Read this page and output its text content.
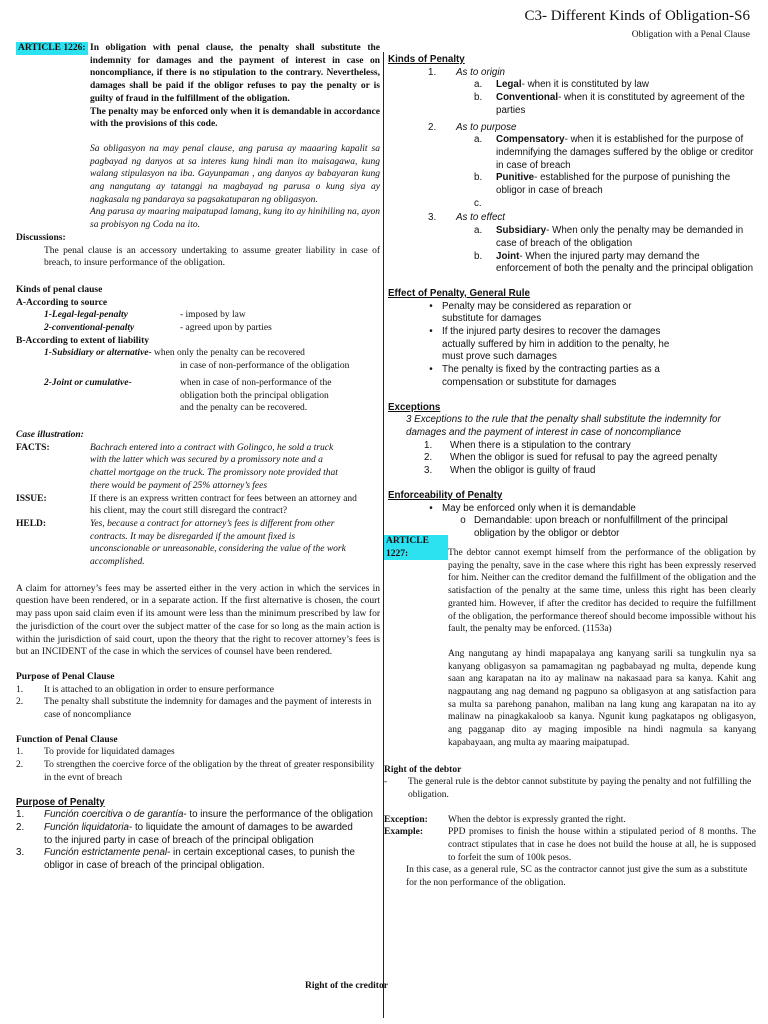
C3- Different Kinds of Obligation-S6
Obligation with a Penal Clause
ARTICLE 1226: In obligation with penal clause, the penalty shall substitute the indemnity for damages and the payment of interest in case on noncompliance, if there is no stipulation to the contrary. Nevertheless, damages shall be paid if the obligor refuses to pay the penalty or is guilty of fraud in the fulfillment of the obligation.

The penalty may be enforced only when it is demandable in accordance with the provisions of this code.

Sa obligasyon na may penal clause, ang parusa ay maaaring kapalit sa pagbayad ng danyos at sa interes kung hindi man ito maisagawa, kung walang stipulasyon na iba. Gayunpaman , ang danyos ay babayaran kung ang nangutang ay tatanggi na magbayad ng parusa o kung siya ay nagkasala ng pandaraya sa pagsakatuparan ng obligasyon.

Ang parusa ay maaring maipatupad lamang, kung ito ay hinihiling na, ayon sa probisyon ng Coda na ito.

Discussions:

The penal clause is an accessory undertaking to assume greater liability in case of breach, to insure performance of the obligation.

Kinds of penal clause

A-According to source

1-Legal-legal-penalty	- imposed by law
2-conventional-penalty	- agreed upon by parties

B-According to extent of liability

1-Subsidiary or alternative- when only the penalty can be recovered
in case of non-performance of the obligation
2-Joint or cumulative-	when in case of non-performance of the
obligation both the principal obligation
and the penalty can be recovered.

Case illustration:

FACTS:	Bachrach entered into a contract with Golingco, he sold a truck with the latter which was secured by a promissory note and a chattel mortgage on the truck. The promissory note provided that there would be payment of 25% attorney’s fees
ISSUE:	If there is an express written contract for fees between an attorney and his client, may the court still disregard the contract?
HELD:	Yes, because a contract for attorney’s fees is different from other contracts. It may be disregarded if the amount fixed is unconscionable or unreasonable, considering the value of the work accomplished.

A claim for attorney’s fees may be asserted either in the very action in which the services in question have been rendered, or in a separate action. If the first alternative is chosen, the court may pass upon said claim even if its amount were less than the minimum prescribed by law for the jurisdiction of the court over the subject matter of the case for so long as the main action is within the jurisdiction of said court, upon the theory that the right to recover attorney’s fees is but an INCIDENT of the case in which the services of counsel have been rendered.

Purpose of Penal Clause

1.	It is attached to an obligation in order to ensure performance
2.	The penalty shall substitute the indemnity for damages and the payment of interests in case of noncompliance

Function of Penal Clause

1.	To provide for liquidated damages
2.	To strengthen the coercive force of the obligation by the threat of greater responsibility in the evnt of breach

Purpose of Penalty

1.	Función coercitiva o de garantía- to insure the performance of the obligation
2.	Función liquidatoria- to liquidate the amount of damages to be awarded to the injured party in case of breach of the principal obligation
3.	Función estrictamente penal- in certain exceptional cases, to punish the obligor in case of breach of the principal obligation.
Right of the creditor

Kinds of Penalty

1.	As to origin
a.	Legal- when it is constituted by law
b.	Conventional- when it is constituted by agreement of the parties
2.	As to purpose
a.	Compensatory- when it is established for the purpose of indemnifying the damages suffered by the oblige or creditor in case of breach
b.	Punitive- established for the purpose of punishing the obligor in case of breach
c.
3.	As to effect
a.	Subsidiary- When only the penalty may be demanded in case of breach of the obligation
b.	Joint- When the injured party may demand the enforcement of both the penalty and the principal obligation

Effect of Penalty, General Rule

• Penalty may be considered as reparation or substitute for damages
• If the injured party desires to recover the damages actually suffered by him in addition to the penalty, he must prove such damages
• The penalty is fixed by the contracting parties as a compensation or substitute for damages

Exceptions

3 Exceptions to the rule that the penalty shall substitute the indemnity for damages and the payment of interest in case of noncompliance

1.	When there is a stipulation to the contrary
2.	When the obligor is sued for refusal to pay the agreed penalty
3.	When the obligor is guilty of fraud

Enforceability of Penalty

• May be enforced only when it is demandable
o Demandable: upon breach or nonfulfillment of the principal obligation by the obligor or debtor
ARTICLE 1227:	The debtor cannot exempt himself from the performance of the obligation by paying the penalty, save in the case where this right has been expressly reserved for him. Neither can the creditor demand the fulfillment of the obligation and the satisfaction of the penalty at the same time, unless this right has been clearly granted him. However, if after the creditor has decided to require the fulfillment of the obligation, the performance thereof should become impossible without his fault, the penalty may be enforced. (1153a)

Ang nangutang ay hindi mapapalaya ang kanyang sarili sa tungkulin nya sa kanyang obligasyon sa pamamagitan ng pagbabayad ng multa, depende kung saan ang karapatan na ito ay malinaw na nakasaad para sa kanya. Kahit ang nagpautang ang nag demand ng pagpuno sa obligasyon at ang satisfaction para sa multa sa parehong panahon, maliban na lang kung ang karapatan na ito ay malinaw na pinagkakaloob sa kanya. Ngunit kung pagkatapos ng obligasyon, ang pagganap dito ay maging imposible na hindi nagmula sa kanyang kapabayaan, ang multa ay maaring maipatupad.

Right of the debtor

-	The general rule is the debtor cannot substitute by paying the penalty and not fulfilling the obligation.
Exception:	When the debtor is expressly granted the right.
Example:	PPD promises to finish the house within a stipulated period of 8 months. The contract stipulates that in case he does not build the house at all, he is supposed to forfeit the sum of 100k pesos.

In this case, as a general rule, SC as the contractor cannot just give the sum as a substitute for the non performance of the obligation.
